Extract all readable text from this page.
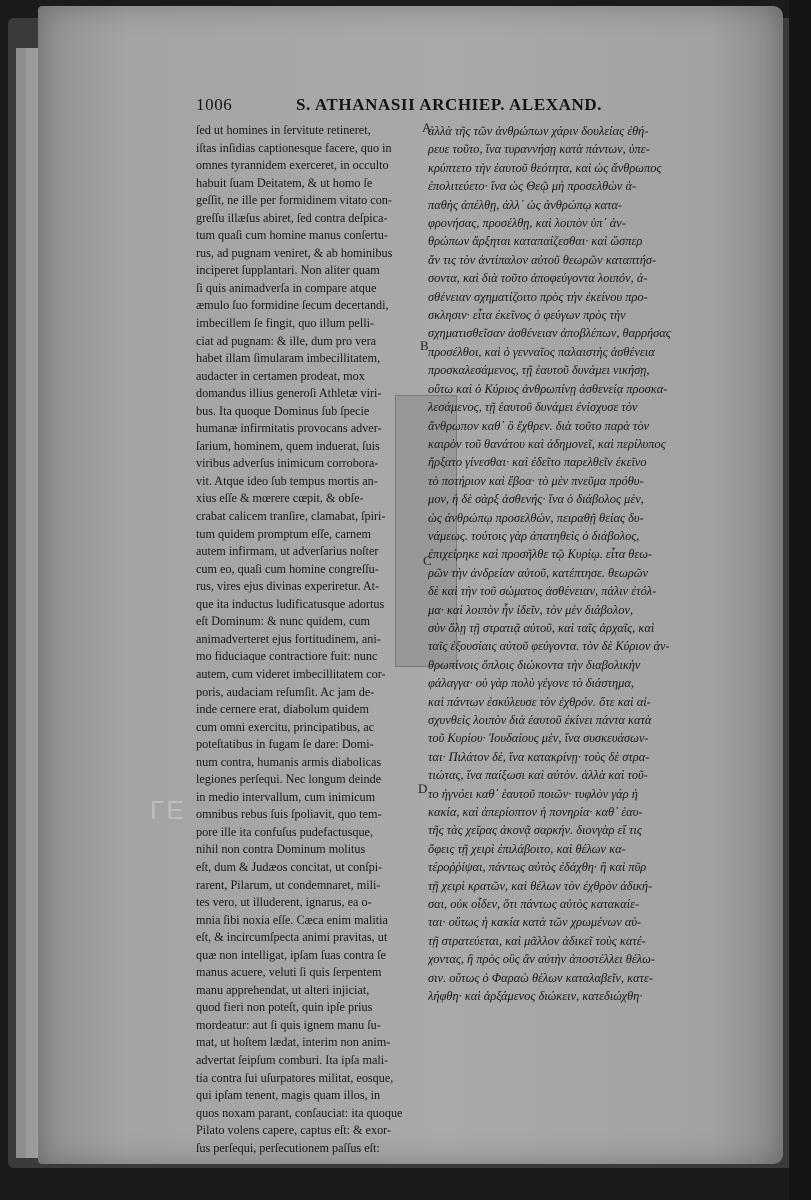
1006	S. ATHANASII ARCHIEP. ALEXAND.
ΓΕ
ſed ut homines in ſervitute retineret,
iſtas inſidias captionesque facere, quo in
omnes tyrannidem exerceret, in occulto
habuit ſuam Deitatem, & ut homo ſe
geſſit, ne ille per formidinem vitato con-
greſſu illæſus abiret, ſed contra deſpica-
tum quaſi cum homine manus conſertu-
rus, ad pugnam veniret, & ab hominibus
inciperet ſupplantari. Non aliter quam
ſi quis animadverſa in compare atque
æmulo ſuo formidine ſecum decertandi,
imbecillem ſe fingit, quo illum pelli-
ciat ad pugnam: & ille, dum pro vera
habet illam ſimularam imbecillitatem,
audacter in certamen prodeat, mox
domandus illius generoſi Athletæ viri-
bus. Ita quoque Dominus ſub ſpecie
humanæ infirmitatis provocans adver-
ſarium, hominem, quem induerat, ſuis
viribus adverſus inimicum corrobora-
vit. Atque ideo ſub tempus mortis an-
xius eſſe & mœrere cœpit, & obſe-
crabat calicem tranſire, clamabat, ſpiri-
tum quidem promptum eſſe, carnem
autem infirmam, ut adverſarius noſter
cum eo, quaſi cum homine congreſſu-
rus, vires ejus divinas experiretur. At-
que ita inductus ludificatusque adortus
eſt Dominum: & nunc quidem, cum
animadverteret ejus fortitudinem, ani-
mo fiduciaque contractiore fuit: nunc
autem, cum videret imbecillitatem cor-
poris, audaciam reſumſit. Ac jam de-
inde cernere erat, diabolum quidem
cum omni exercitu, principatibus, ac
poteſtatibus in fugam ſe dare: Domi-
num contra, humanis armis diabolicas
legiones perſequi. Nec longum deinde
in medio intervallum, cum inimicum
omnibus rebus ſuis ſpoliavit, quo tem-
pore ille ita confuſus pudefactusque,
nihil non contra Dominum molitus
eſt, dum & Judæos concitat, ut conſpi-
rarent, Pilarum, ut condemnaret, mili-
tes vero, ut illuderent, ignarus, ea o-
mnia ſibi noxia eſſe. Cæca enim malitia
eſt, & incircumſpecta animi pravitas, ut
quæ non intelligat, ipſam ſuas contra ſe
manus acuere, veluti ſi quis ſerpentem
manu apprehendat, ut alteri injiciat,
quod fieri non poteſt, quin ipſe prius
mordeatur: aut ſi quis ignem manu ſu-
mat, ut hoſtem lædat, interim non anim-
advertat ſeipſum comburi. Ita ipſa mali-
tia contra ſui uſurpatores militat, eosque,
qui ipſam tenent, magis quam illos, in
quos noxam parant, conſauciat: ita quoque
Pilato volens capere, captus eſt: & exor-
ſus perſequi, perſecutionem paſſus eſt:
ἀλλὰ τῆς τῶν ἀνθρώπων χάριν δουλείας ἐθή-
ρευε τοῦτο, ἵνα τυραννήσῃ κατὰ πάντων, ὑπε-
κρύπτετο τὴν ἑαυτοῦ θεότητα, καὶ ὡς ἄνθρωπος
ἐπολιτεύετο· ἵνα ὡς Θεῷ μὴ προσελθὼν ἀ-
παθὴς ἀπέλθῃ, ἀλλ᾽ ὡς ἀνθρώπῳ κατα-
φρονήσας, προσέλθῃ, καὶ λοιπὸν ὑπ᾽ ἀν-
θρώπων ἄρξηται καταπαίζεσθαι· καὶ ὥσπερ
ἄν τις τὸν ἀντίπαλον αὐτοῦ θεωρῶν καταπτήσ-
σοντα, καὶ διὰ τοῦτο ἀποφεύγοντα λοιπόν, ἀ-
σθένειαν σχηματίζοιτο πρὸς τὴν ἐκείνου προ-
σκλησιν· εἶτα ἐκεῖνος ὁ φεύγων πρὸς τὴν
σχηματισθεῖσαν ἀσθένειαν ἀποβλέπων, θαρρήσας
προσέλθοι, καὶ ὁ γενναῖος παλαιστὴς ἀσθένεια
προσκαλεσάμενος, τῇ ἑαυτοῦ δυνάμει νικήσῃ,
οὕτω καὶ ὁ Κύριος ἀνθρωπίνῃ ἀσθενείᾳ προσκα-
λεσάμενος, τῇ ἑαυτοῦ δυνάμει ἐνίσχυσε τὸν
ἄνθρωπον καθ᾽ ὃ ἔχθρεν. διὰ τοῦτο παρὰ τὸν
καιρὸν τοῦ θανάτου καὶ ἀδημονεῖ, καὶ περίλυπος
ἤρξατο γίνεσθαι· καὶ ἐδεῖτο παρελθεῖν ἐκεῖνο
τὸ ποτήριον καὶ ἔβοα· τὸ μὲν πνεῦμα πρόθυ-
μον, ἡ δὲ σὰρξ ἀσθενής· ἵνα ὁ διάβολος μὲν,
ὡς ἀνθρώπῳ προσελθών, πειραθῇ θείας δυ-
νάμεως. τούτοις γὰρ ἀπατηθεὶς ὁ διάβολος,
ἐπιχείρηκε καὶ προσῆλθε τῷ Κυρίῳ. εἶτα θεω-
ρῶν τὴν ἀνδρείαν αὐτοῦ, κατέπτησε. θεωρῶν
δὲ καὶ τὴν τοῦ σώματος ἀσθένειαν, πάλιν ἐτόλ-
μα· καὶ λοιπὸν ἦν ἰδεῖν, τὸν μὲν διάβολον,
σὺν ὅλῃ τῇ στρατιᾷ αὐτοῦ, καὶ ταῖς ἀρχαῖς, καὶ
ταῖς ἐξουσίαις αὐτοῦ φεύγοντα. τὸν δὲ Κύριον ἀν-
θρωπίνοις ὅπλοις διώκοντα τὴν διαβολικὴν
φάλαγγα· οὐ γὰρ πολὺ γέγονε τὸ διάστημα,
καὶ πάντων ἐσκύλευσε τὸν ἐχθρόν. ὅτε καὶ αἰ-
σχυνθεὶς λοιπὸν διὰ ἑαυτοῦ ἐκίνει πάντα κατὰ
τοῦ Κυρίου· Ἰουδαίους μὲν, ἵνα συσκευάσων-
ται· Πιλάτον δὲ, ἵνα κατακρίνῃ· τοὺς δὲ στρα-
τιώτας, ἵνα παίξωσι καὶ αὐτὸν. ἀλλὰ καὶ τοῦ-
το ἠγνόει καθ᾽ ἑαυτοῦ ποιῶν· τυφλὸν γάρ ἡ
κακία, καὶ ἀπερίοπτον ἡ πονηρία· καθ᾽ ἑαυ-
τῆς τὰς χεῖρας ἀκονᾷ σαρκήν. διονγὰρ εἴ τις
ὄφεις τῇ χειρὶ ἐπιλάβοιτο, καὶ θέλων κα-
τέροῤῥίψαι, πάντως αὐτὸς ἐδάχθη· ἢ καὶ πῦρ
τῇ χειρὶ κρατῶν, καὶ θέλων τὸν ἐχθρὸν ἀδική-
σαι, οὐκ οἶδεν, ὅτι πάντως αὐτὸς κατακαίε-
ται· οὕτως ἡ κακία κατὰ τῶν χρωμένων αὐ-
τῇ στρατεύεται, καὶ μᾶλλον ἀδικεῖ τοὺς κατέ-
χοντας, ἢ πρὸς οὓς ἂν αὐτὴν ἀποστέλλει θέλω-
σιν. οὕτως ὁ Φαραὼ θέλων καταλαβεῖν, κατε-
λήφθη· καὶ ἀρξάμενος διώκειν, κατεδιώχθη·
A
B
C
D
